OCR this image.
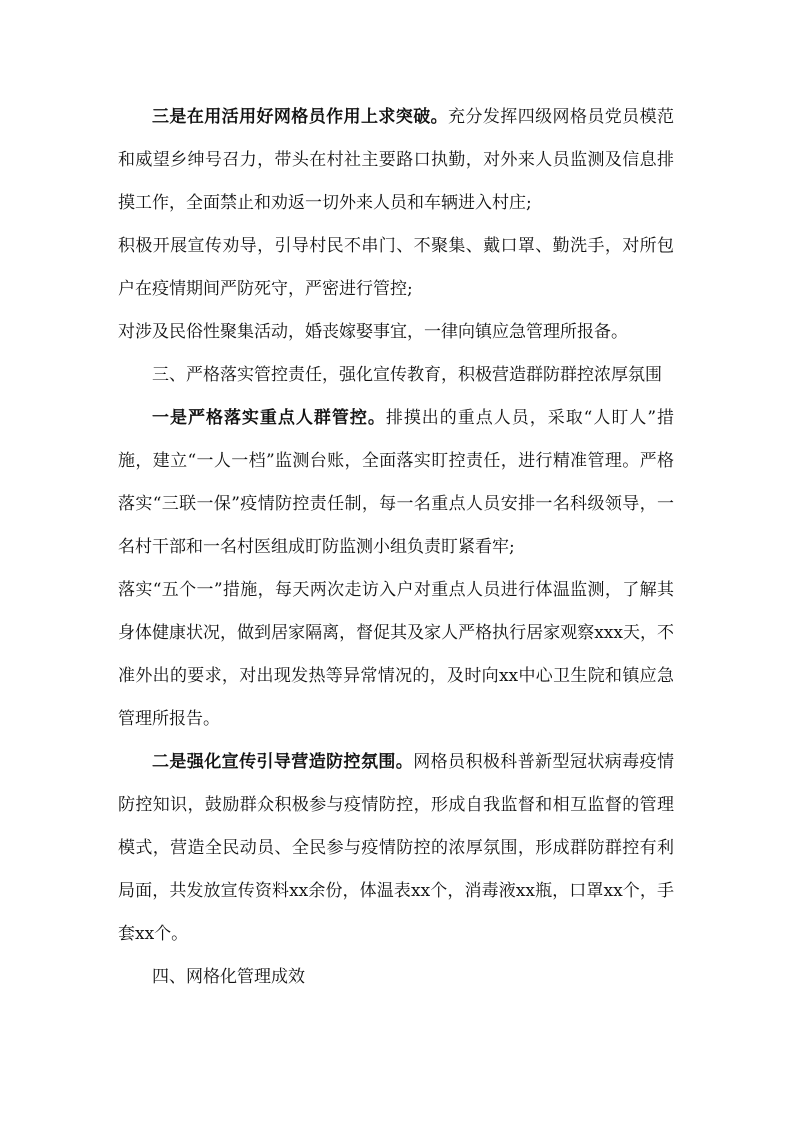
三是在用活用好网格员作用上求突破。充分发挥四级网格员党员模范和威望乡绅号召力，带头在村社主要路口执勤，对外来人员监测及信息排摸工作，全面禁止和劝返一切外来人员和车辆进入村庄;

积极开展宣传劝导，引导村民不串门、不聚集、戴口罩、勤洗手，对所包户在疫情期间严防死守，严密进行管控;

对涉及民俗性聚集活动，婚丧嫁娶事宜，一律向镇应急管理所报备。

三、严格落实管控责任，强化宣传教育，积极营造群防群控浓厚氛围

一是严格落实重点人群管控。排摸出的重点人员，采取“人盯人”措施，建立“一人一档”监测台账，全面落实盯控责任，进行精准管理。严格落实“三联一保”疫情防控责任制，每一名重点人员安排一名科级领导，一名村干部和一名村医组成盯防监测小组负责盯紧看牢;

落实“五个一”措施，每天两次走访入户对重点人员进行体温监测，了解其身体健康状况，做到居家隔离，督促其及家人严格执行居家观察xxx天，不准外出的要求，对出现发热等异常情况的，及时向xx中心卫生院和镇应急管理所报告。

二是强化宣传引导营造防控氛围。网格员积极科普新型冠状病毒疫情防控知识，鼓励群众积极参与疫情防控，形成自我监督和相互监督的管理模式，营造全民动员、全民参与疫情防控的浓厚氛围，形成群防群控有利局面，共发放宣传资料xx余份，体温表xx个，消毒液xx瓶，口罩xx个，手套xx个。

四、网格化管理成效
